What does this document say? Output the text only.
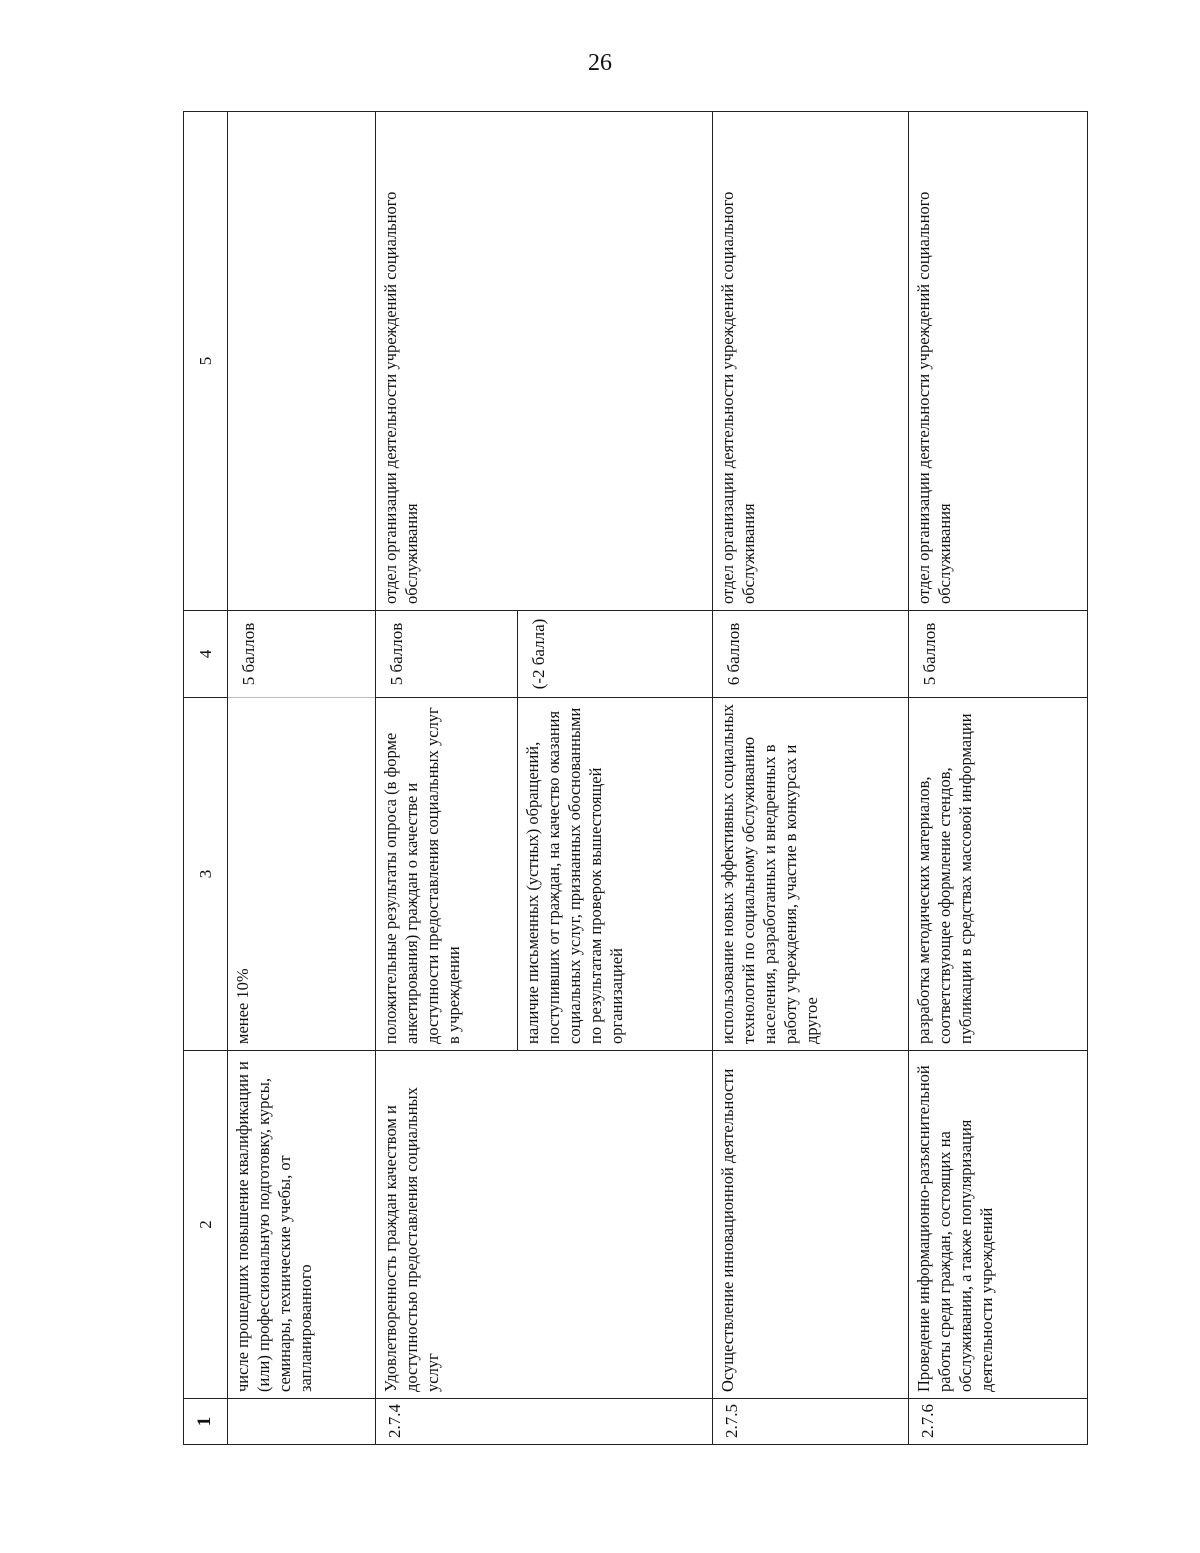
26
1	2	3	4	5
	числе прошедших повышение квалификации и (или) профессиональную подготовку, курсы, семинары, технические учебы, от запланированного	менее 10%	5 баллов	
2.7.4	Удовлетворенность граждан качеством и доступностью предоставления социальных услуг	положительные результаты опроса (в форме анкетирования) граждан о качестве и доступности предоставления социальных услуг в учреждении	5 баллов	отдел организации деятельности учреждений социального обслуживания
		наличие письменных (устных) обращений, поступивших от граждан, на качество оказания социальных услуг, признанных обоснованными по результатам проверок вышестоящей организацией	(-2 балла)	
2.7.5	Осуществление инновационной деятельности	использование новых эффективных социальных технологий по социальному обслуживанию населения, разработанных и внедренных в работу учреждения, участие в конкурсах и другое	6 баллов	отдел организации деятельности учреждений социального обслуживания
2.7.6	Проведение информационно-разъяснительной работы среди граждан, состоящих на обслуживании, а также популяризация деятельности учреждений	разработка методических материалов, соответствующее оформление стендов, публикации в средствах массовой информации	5 баллов	отдел организации деятельности учреждений социального обслуживания
